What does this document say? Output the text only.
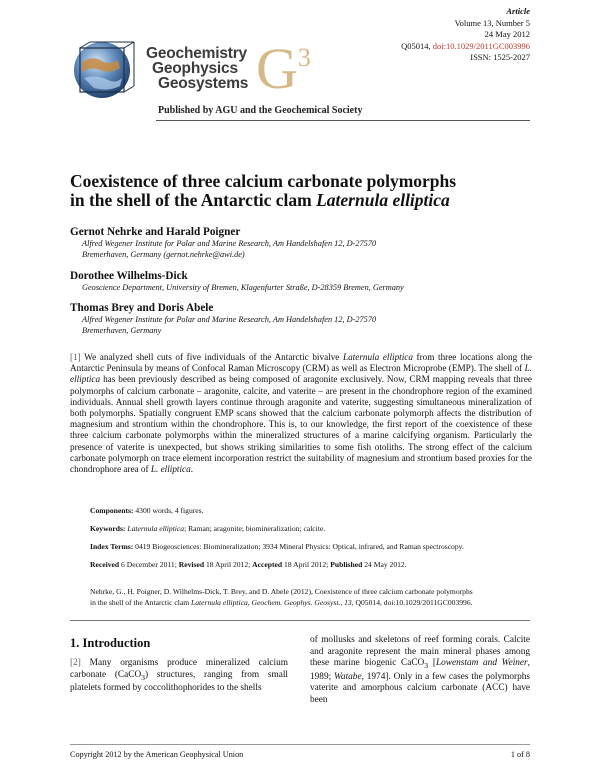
Geochemistry
Geophysics
Geosystems $G^3$
Published by AGU and the Geochemical Society
Article
Volume 13, Number 5
24 May 2012
Q05014, doi:10.1029/2011GC003996
ISSN: 1525-2027
Coexistence of three calcium carbonate polymorphs
in the shell of the Antarctic clam Laternula elliptica
Gernot Nehrke and Harald Poigner
Alfred Wegener Institute for Polar and Marine Research, Am Handelshafen 12, D-27570
Bremerhaven, Germany (gernot.nehrke@awi.de)
Dorothee Wilhelms-Dick
Geoscience Department, University of Bremen, Klagenfurter Straße, D-28359 Bremen, Germany
Thomas Brey and Doris Abele
Alfred Wegener Institute for Polar and Marine Research, Am Handelshafen 12, D-27570
Bremerhaven, Germany
[1] We analyzed shell cuts of five individuals of the Antarctic bivalve Laternula elliptica from three locations along the Antarctic Peninsula by means of Confocal Raman Microscopy (CRM) as well as Electron Microprobe (EMP). The shell of L. elliptica has been previously described as being composed of aragonite exclusively. Now, CRM mapping reveals that three polymorphs of calcium carbonate – aragonite, calcite, and vaterite – are present in the chondrophore region of the examined individuals. Annual shell growth layers continue through aragonite and vaterite, suggesting simultaneous mineralization of both polymorphs. Spatially congruent EMP scans showed that the calcium carbonate polymorph affects the distribution of magnesium and strontium within the chondrophore. This is, to our knowledge, the first report of the coexistence of these three calcium carbonate polymorphs within the mineralized structures of a marine calcifying organism. Particularly the presence of vaterite is unexpected, but shows striking similarities to some fish otoliths. The strong effect of the calcium carbonate polymorph on trace element incorporation restrict the suitability of magnesium and strontium based proxies for the chondrophore area of L. elliptica.
Components: 4300 words, 4 figures.
Keywords: Laternula elliptica; Raman; aragonite; biomineralization; calcite.
Index Terms: 0419 Biogeosciences: Biomineralization; 3934 Mineral Physics: Optical, infrared, and Raman spectroscopy.
Received 6 December 2011; Revised 18 April 2012; Accepted 18 April 2012; Published 24 May 2012.
Nehrke, G., H. Poigner, D. Wilhelms-Dick, T. Brey, and D. Abele (2012), Coexistence of three calcium carbonate polymorphs
in the shell of the Antarctic clam Laternula elliptica, Geochem. Geophys. Geosyst., 13, Q05014, doi:10.1029/2011GC003996.
1. Introduction
[2] Many organisms produce mineralized calcium carbonate (CaCO$_3$) structures, ranging from small platelets formed by coccolithophorides to the shells
of mollusks and skeletons of reef forming corals. Calcite and aragonite represent the main mineral phases among these marine biogenic CaCO$_3$ [Lowenstam and Weiner, 1989; Watabe, 1974]. Only in a few cases the polymorphs vaterite and amorphous calcium carbonate (ACC) have been
Copyright 2012 by the American Geophysical Union	1 of 8
